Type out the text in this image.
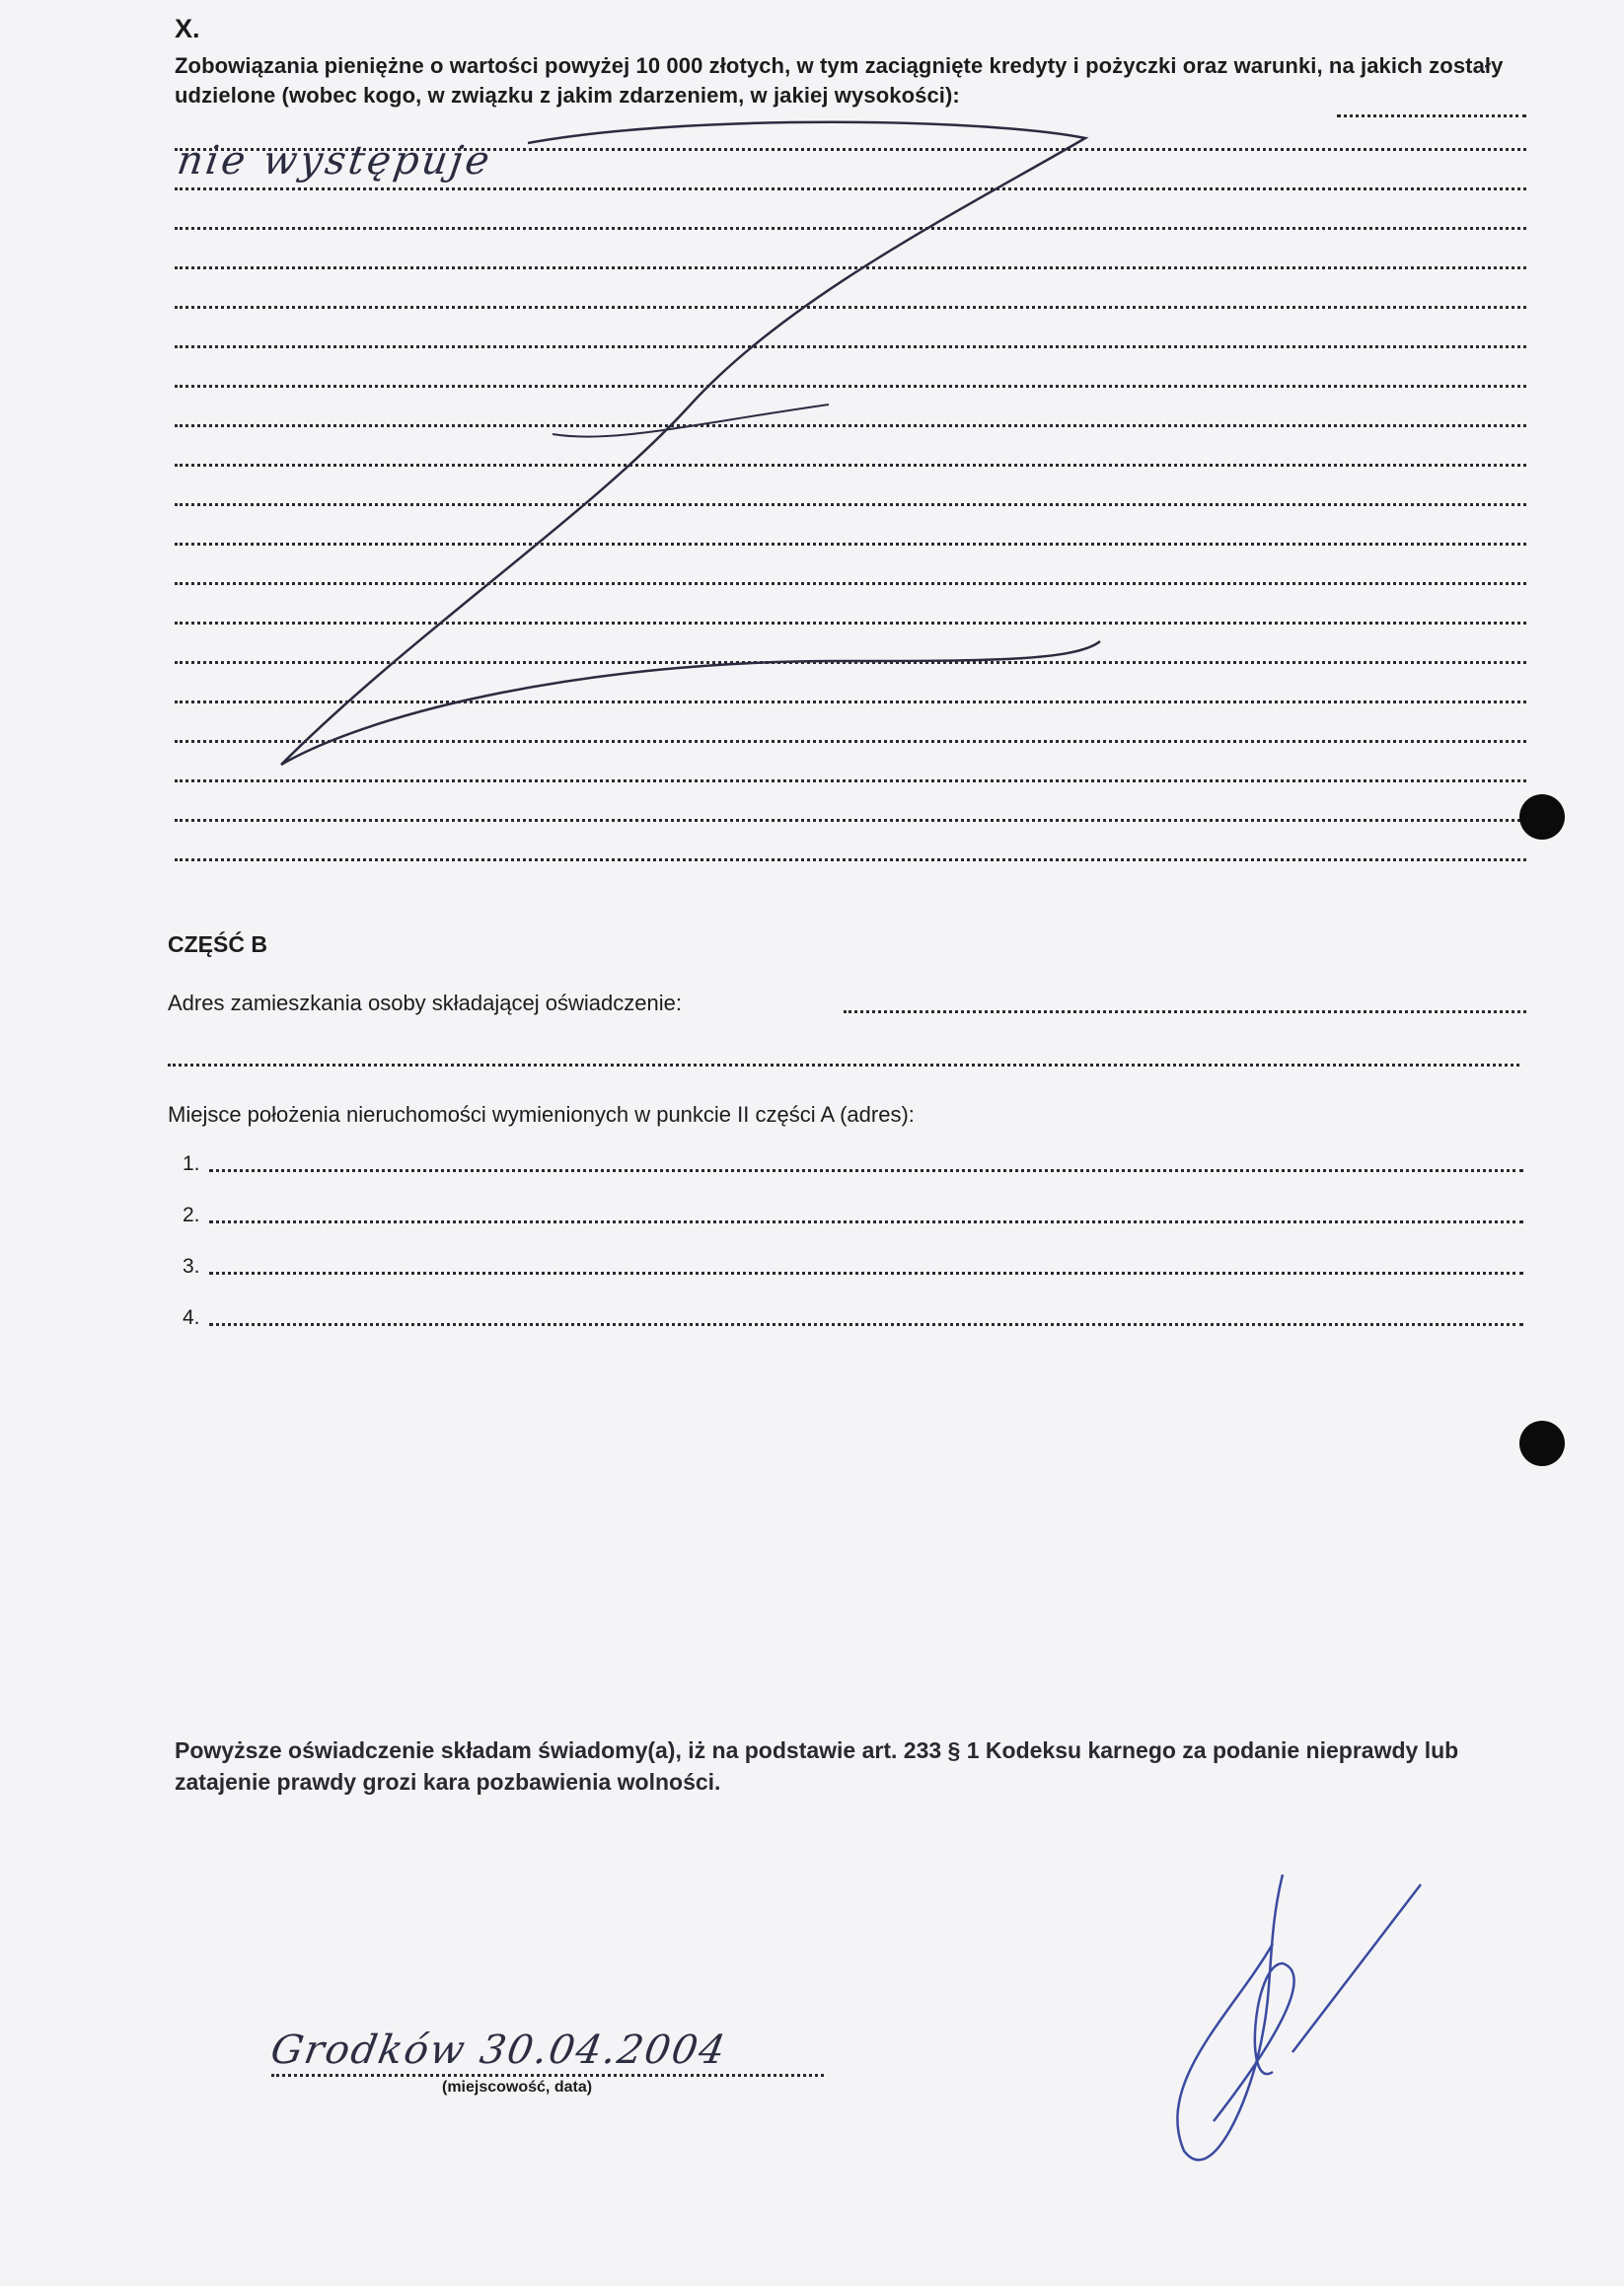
X.
Zobowiązania pieniężne o wartości powyżej 10 000 złotych, w tym zaciągnięte kredyty i pożyczki oraz warunki, na jakich zostały udzielone (wobec kogo, w związku z jakim zdarzeniem, w jakiej wysokości):
nie występuje
CZĘŚĆ B
Adres zamieszkania osoby składającej oświadczenie:
Miejsce położenia nieruchomości wymienionych w punkcie II części A (adres):
1.
2.
3.
4.
Powyższe oświadczenie składam świadomy(a), iż na podstawie art. 233 § 1 Kodeksu karnego za podanie nieprawdy lub zatajenie prawdy grozi kara pozbawienia wolności.
Grodków 30.04.2004
(miejscowość, data)
